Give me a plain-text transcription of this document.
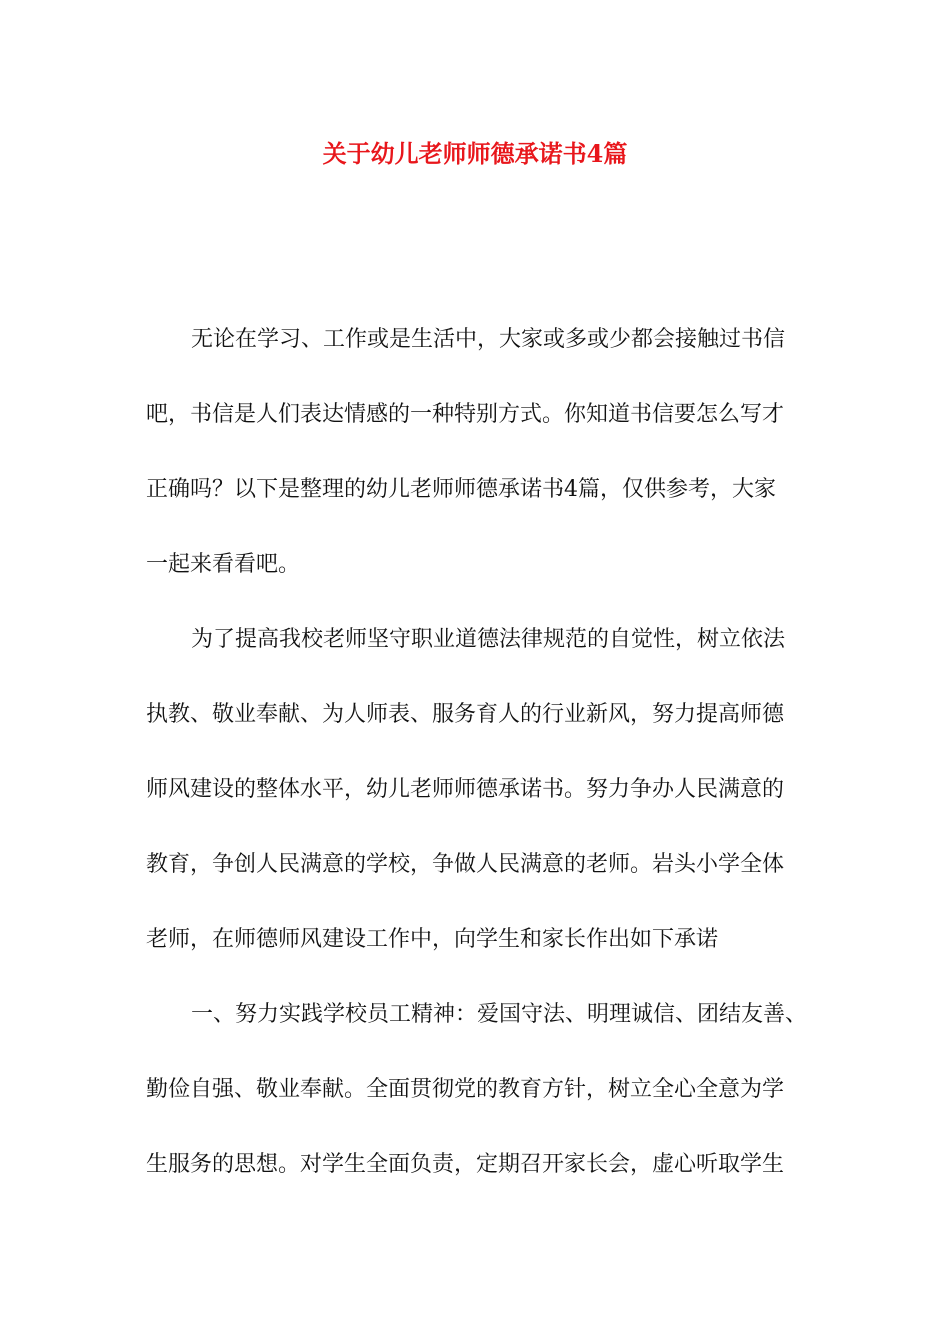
关于幼儿老师师德承诺书4篇
无论在学习、工作或是生活中，大家或多或少都会接触过书信
吧，书信是人们表达情感的一种特别方式。你知道书信要怎么写才
正确吗？以下是整理的幼儿老师师德承诺书4篇，仅供参考，大家
一起来看看吧。
为了提高我校老师坚守职业道德法律规范的自觉性，树立依法
执教、敬业奉献、为人师表、服务育人的行业新风，努力提高师德
师风建设的整体水平，幼儿老师师德承诺书。努力争办人民满意的
教育，争创人民满意的学校，争做人民满意的老师。岩头小学全体
老师，在师德师风建设工作中，向学生和家长作出如下承诺
一、努力实践学校员工精神：爱国守法、明理诚信、团结友善、
勤俭自强、敬业奉献。全面贯彻党的教育方针，树立全心全意为学
生服务的思想。对学生全面负责，定期召开家长会，虚心听取学生
